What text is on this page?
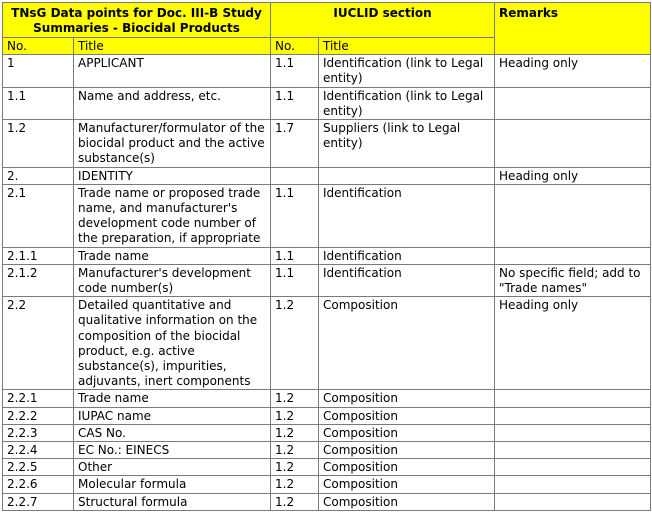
TNsG Data points for Doc. III-B Study Summaries - Biocidal Products		IUCLID section		Remarks
No.	Title	No.	Title	
1	APPLICANT	1.1	Identification (link to Legal entity)	Heading only
1.1	Name and address, etc.	1.1	Identification (link to Legal entity)	
1.2	Manufacturer/formulator of the biocidal product and the active substance(s)	1.7	Suppliers (link to Legal entity)	
2.	IDENTITY			Heading only
2.1	Trade name or proposed trade name, and manufacturer's development code number of the preparation, if appropriate	1.1	Identification	
2.1.1	Trade name	1.1	Identification	
2.1.2	Manufacturer's development code number(s)	1.1	Identification	No specific field; add to "Trade names"
2.2	Detailed quantitative and qualitative information on the composition of the biocidal product, e.g. active substance(s), impurities, adjuvants, inert components	1.2	Composition	Heading only
2.2.1	Trade name	1.2	Composition	
2.2.2	IUPAC name	1.2	Composition	
2.2.3	CAS No.	1.2	Composition	
2.2.4	EC No.: EINECS	1.2	Composition	
2.2.5	Other	1.2	Composition	
2.2.6	Molecular formula	1.2	Composition	
2.2.7	Structural formula	1.2	Composition	
